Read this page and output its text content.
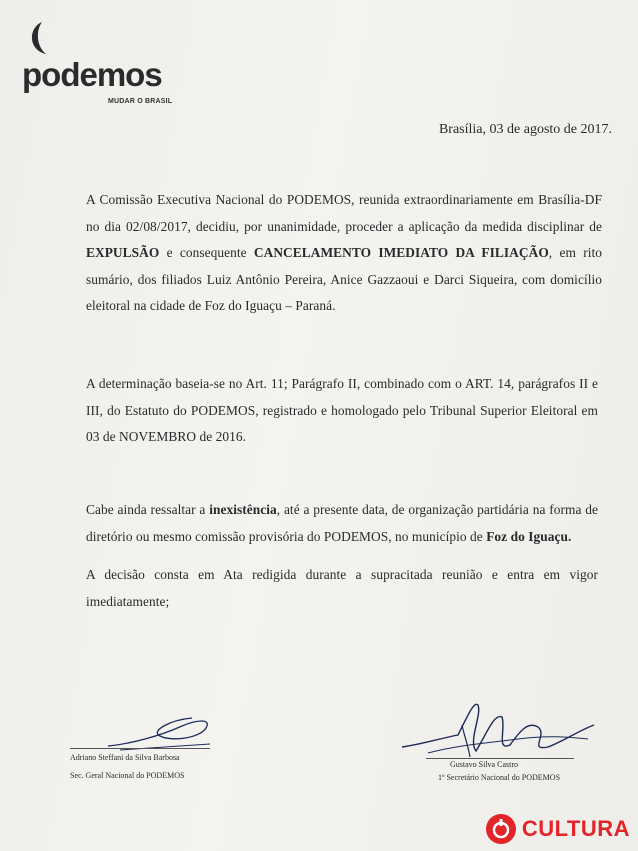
podemos
MUDAR O BRASIL
Brasília, 03 de agosto de 2017.
A Comissão Executiva Nacional do PODEMOS, reunida extraordinariamente em Brasília-DF no dia 02/08/2017, decidiu, por unanimidade, proceder a aplicação da medida disciplinar de EXPULSÃO e consequente CANCELAMENTO IMEDIATO DA FILIAÇÃO, em rito sumário, dos filiados Luiz Antônio Pereira, Anice Gazzaoui e Darci Siqueira, com domicílio eleitoral na cidade de Foz do Iguaçu – Paraná.
A determinação baseia-se no Art. 11; Parágrafo II, combinado com o ART. 14, parágrafos II e III, do Estatuto do PODEMOS, registrado e homologado pelo Tribunal Superior Eleitoral em 03 de NOVEMBRO de 2016.
Cabe ainda ressaltar a inexistência, até a presente data, de organização partidária na forma de diretório ou mesmo comissão provisória do PODEMOS, no município de Foz do Iguaçu.
A decisão consta em Ata redigida durante a supracitada reunião e entra em vigor imediatamente;
Adriano Steffani da Silva Barbosa
Sec. Geral Nacional do PODEMOS
Gustavo Silva Castro
1º Secretário Nacional do PODEMOS
CULTURA
